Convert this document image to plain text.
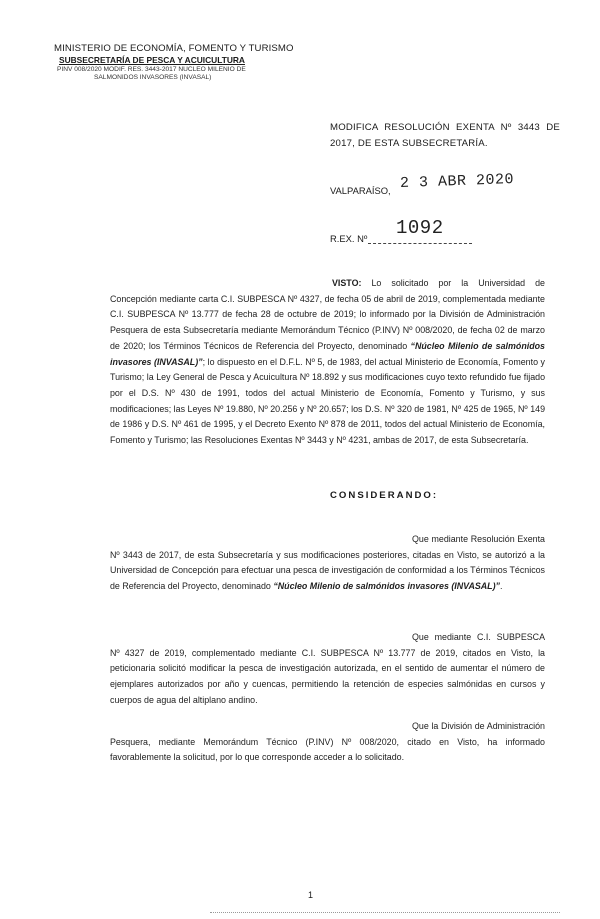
MINISTERIO DE ECONOMÍA, FOMENTO Y TURISMO
SUBSECRETARÍA DE PESCA Y ACUICULTURA
PINV 008/2020 MODIF. RES. 3443-2017 NUCLEO MILENIO DE
SALMONIDOS INVASORES (INVASAL)
MODIFICA RESOLUCIÓN EXENTA Nº 3443 DE 2017, DE ESTA SUBSECRETARÍA.
VALPARAÍSO, 2 3 ABR 2020
R.EX. Nº 1092
VISTO: Lo solicitado por la Universidad de Concepción mediante carta C.I. SUBPESCA Nº 4327, de fecha 05 de abril de 2019, complementada mediante C.I. SUBPESCA Nº 13.777 de fecha 28 de octubre de 2019; lo informado por la División de Administración Pesquera de esta Subsecretaría mediante Memorándum Técnico (P.INV) Nº 008/2020, de fecha 02 de marzo de 2020; los Términos Técnicos de Referencia del Proyecto, denominado “Núcleo Milenio de salmónidos invasores (INVASAL)”; lo dispuesto en el D.F.L. Nº 5, de 1983, del actual Ministerio de Economía, Fomento y Turismo; la Ley General de Pesca y Acuicultura Nº 18.892 y sus modificaciones cuyo texto refundido fue fijado por el D.S. Nº 430 de 1991, todos del actual Ministerio de Economía, Fomento y Turismo, y sus modificaciones; las Leyes Nº 19.880, Nº 20.256 y Nº 20.657; los D.S. Nº 320 de 1981, Nº 425 de 1965, Nº 149 de 1986 y D.S. Nº 461 de 1995, y el Decreto Exento Nº 878 de 2011, todos del actual Ministerio de Economía, Fomento y Turismo; las Resoluciones Exentas Nº 3443 y Nº 4231, ambas de 2017, de esta Subsecretaría.
CONSIDERANDO:
Que mediante Resolución Exenta Nº 3443 de 2017, de esta Subsecretaría y sus modificaciones posteriores, citadas en Visto, se autorizó a la Universidad de Concepción para efectuar una pesca de investigación de conformidad a los Términos Técnicos de Referencia del Proyecto, denominado “Núcleo Milenio de salmónidos invasores (INVASAL)”.
Que mediante C.I. SUBPESCA Nº 4327 de 2019, complementado mediante C.I. SUBPESCA Nº 13.777 de 2019, citados en Visto, la peticionaria solicitó modificar la pesca de investigación autorizada, en el sentido de aumentar el número de ejemplares autorizados por año y cuencas, permitiendo la retención de especies salmónidas en cursos y cuerpos de agua del altiplano andino.
Que la División de Administración Pesquera, mediante Memorándum Técnico (P.INV) Nº 008/2020, citado en Visto, ha informado favorablemente la solicitud, por lo que corresponde acceder a lo solicitado.
1
